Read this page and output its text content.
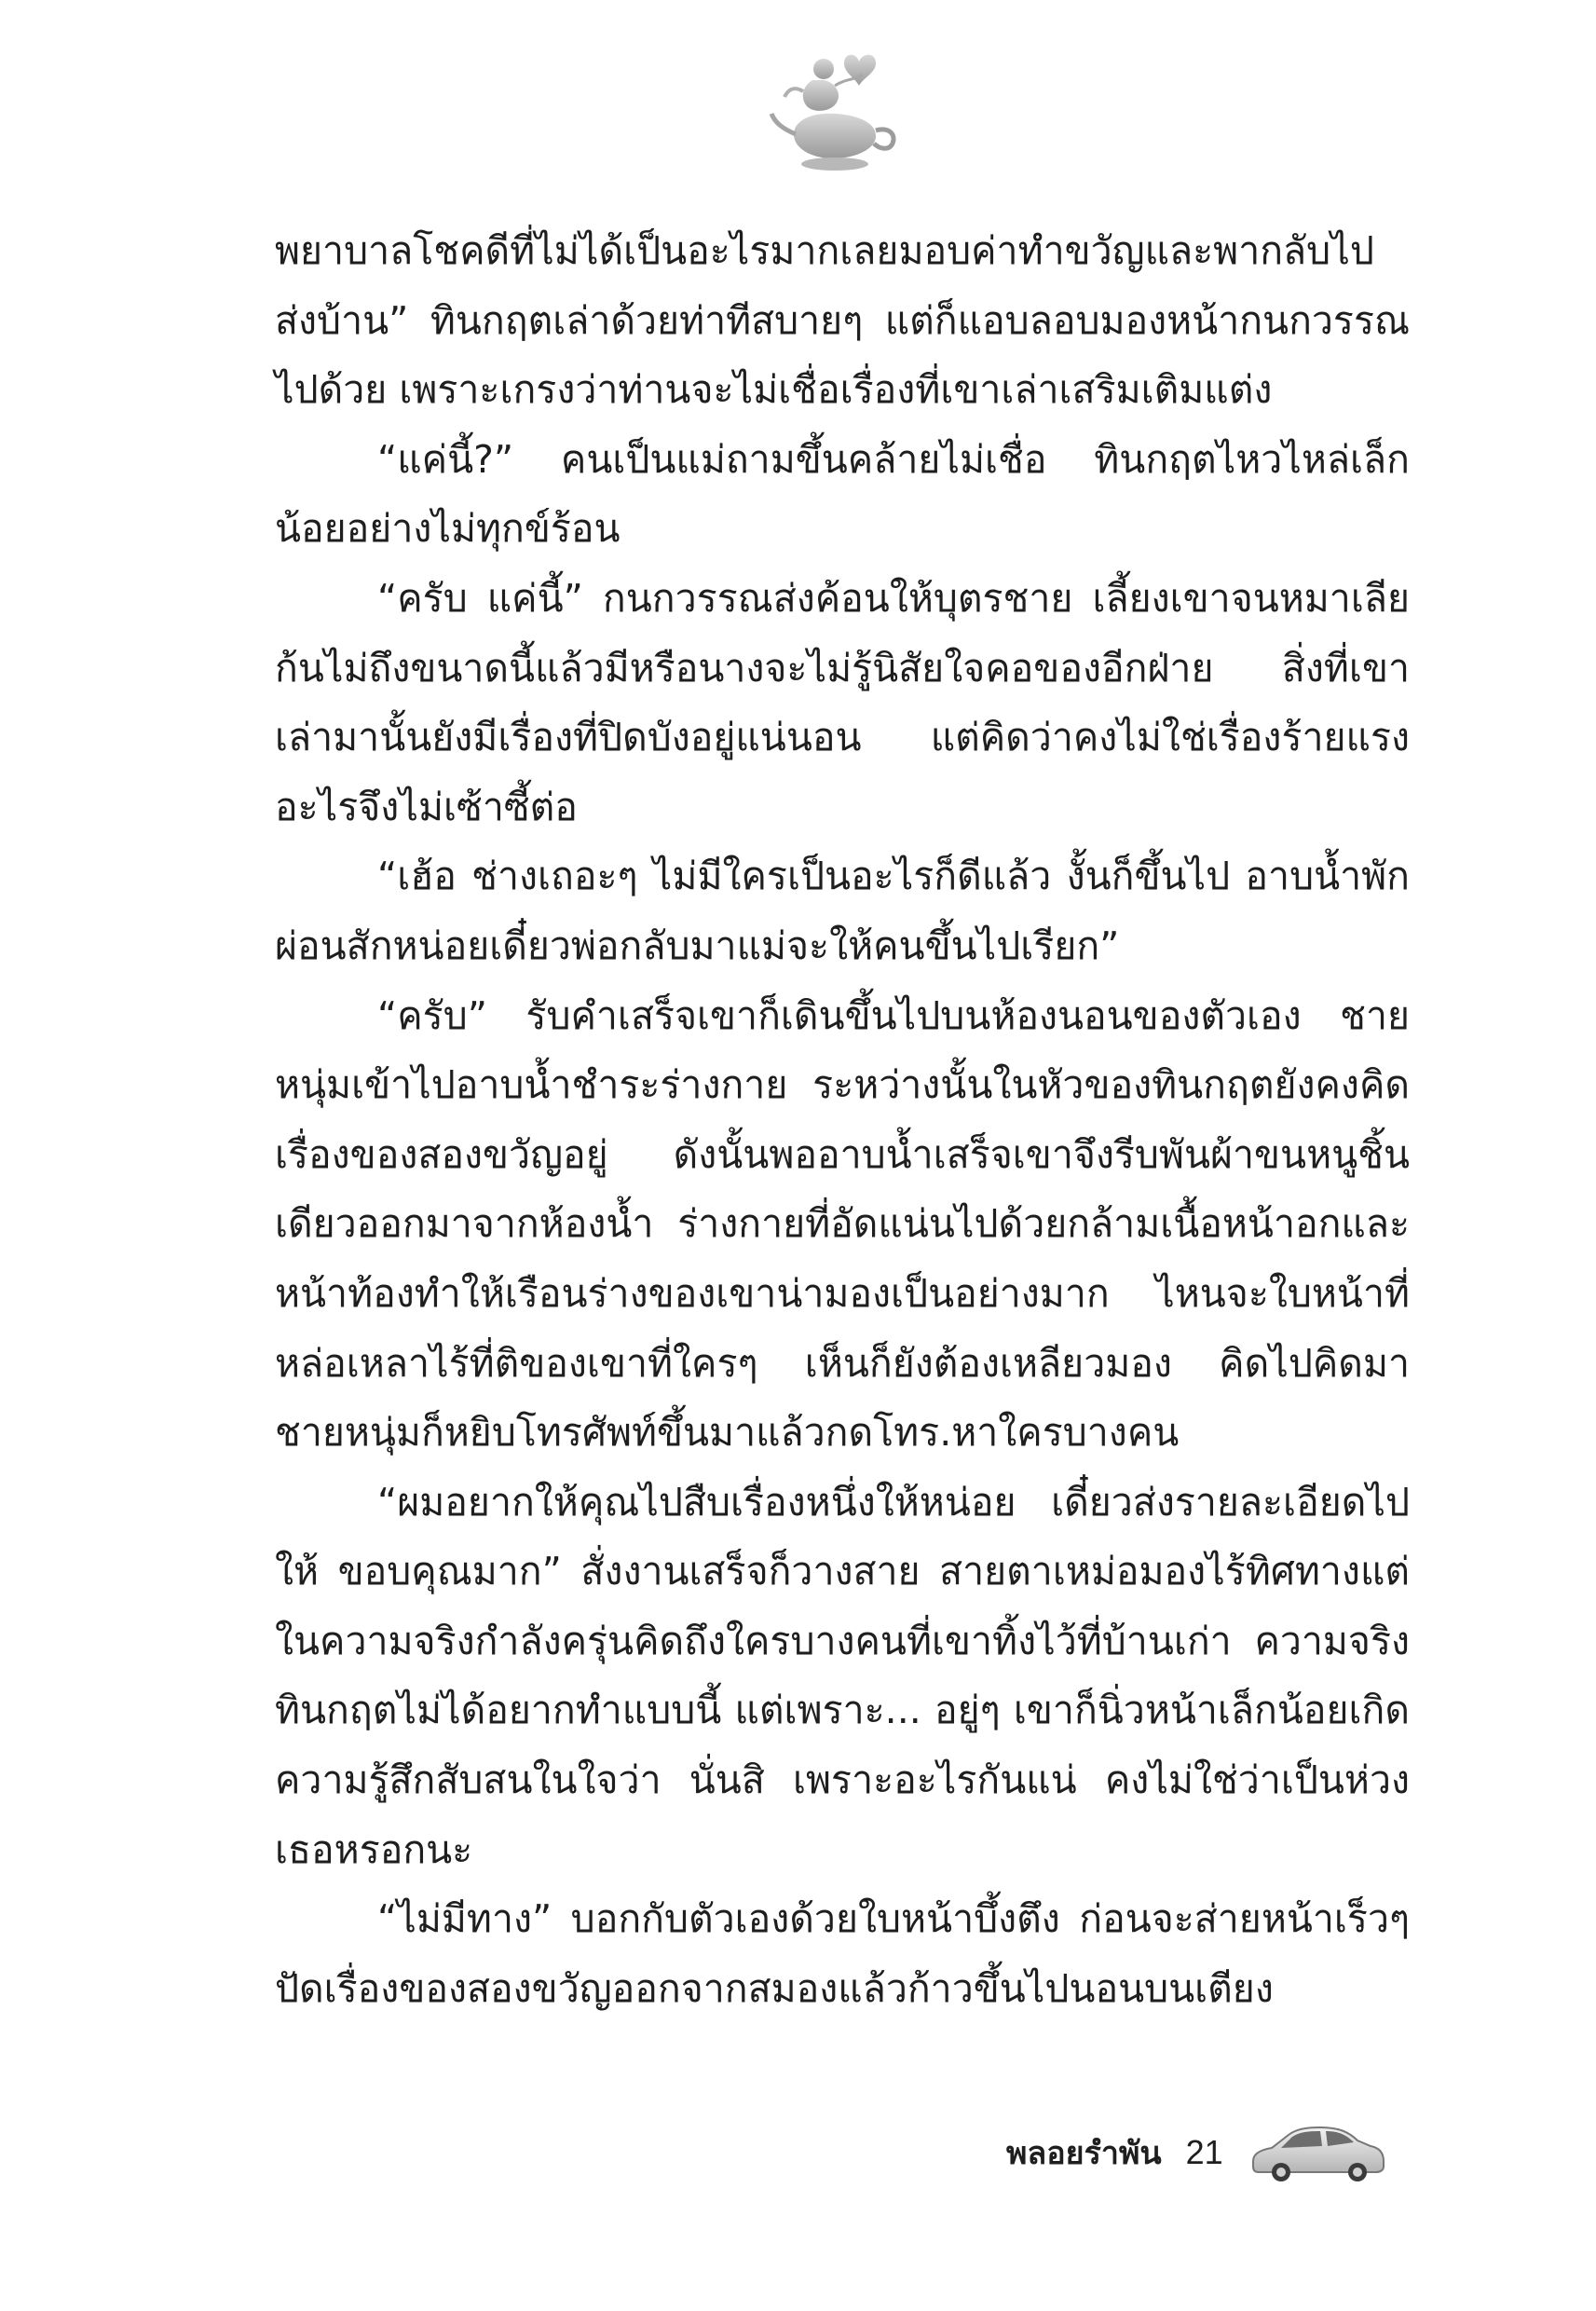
พยาบาลโชคดีที่ไม่ได้เป็นอะไรมากเลยมอบค่าทำขวัญและพากลับไปส่งบ้าน” ทินกฤตเล่าด้วยท่าทีสบายๆ แต่ก็แอบลอบมองหน้ากนกวรรณไปด้วย เพราะเกรงว่าท่านจะไม่เชื่อเรื่องที่เขาเล่าเสริมเติมแต่ง

“แค่นี้?” คนเป็นแม่ถามขึ้นคล้ายไม่เชื่อ ทินกฤตไหวไหล่เล็กน้อยอย่างไม่ทุกข์ร้อน

“ครับ แค่นี้” กนกวรรณส่งค้อนให้บุตรชาย เลี้ยงเขาจนหมาเลียก้นไม่ถึงขนาดนี้แล้วมีหรือนางจะไม่รู้นิสัยใจคอของอีกฝ่าย สิ่งที่เขาเล่ามานั้นยังมีเรื่องที่ปิดบังอยู่แน่นอน แต่คิดว่าคงไม่ใช่เรื่องร้ายแรงอะไรจึงไม่เซ้าซี้ต่อ

“เฮ้อ ช่างเถอะๆ ไม่มีใครเป็นอะไรก็ดีแล้ว งั้นก็ขึ้นไป อาบน้ำพักผ่อนสักหน่อยเดี๋ยวพ่อกลับมาแม่จะให้คนขึ้นไปเรียก”

“ครับ” รับคำเสร็จเขาก็เดินขึ้นไปบนห้องนอนของตัวเอง ชายหนุ่มเข้าไปอาบน้ำชำระร่างกาย ระหว่างนั้นในหัวของทินกฤตยังคงคิดเรื่องของสองขวัญอยู่ ดังนั้นพออาบน้ำเสร็จเขาจึงรีบพันผ้าขนหนูชิ้นเดียวออกมาจากห้องน้ำ ร่างกายที่อัดแน่นไปด้วยกล้ามเนื้อหน้าอกและหน้าท้องทำให้เรือนร่างของเขาน่ามองเป็นอย่างมาก ไหนจะใบหน้าที่หล่อเหลาไร้ที่ติของเขาที่ใครๆ เห็นก็ยังต้องเหลียวมอง คิดไปคิดมาชายหนุ่มก็หยิบโทรศัพท์ขึ้นมาแล้วกดโทร.หาใครบางคน

“ผมอยากให้คุณไปสืบเรื่องหนึ่งให้หน่อย เดี๋ยวส่งรายละเอียดไปให้ ขอบคุณมาก” สั่งงานเสร็จก็วางสาย สายตาเหม่อมองไร้ทิศทางแต่ในความจริงกำลังครุ่นคิดถึงใครบางคนที่เขาทิ้งไว้ที่บ้านเก่า ความจริงทินกฤตไม่ได้อยากทำแบบนี้ แต่เพราะ... อยู่ๆ เขาก็นิ่วหน้าเล็กน้อยเกิดความรู้สึกสับสนในใจว่า นั่นสิ เพราะอะไรกันแน่ คงไม่ใช่ว่าเป็นห่วงเธอหรอกนะ

“ไม่มีทาง” บอกกับตัวเองด้วยใบหน้าบึ้งตึง ก่อนจะส่ายหน้าเร็วๆ ปัดเรื่องของสองขวัญออกจากสมองแล้วก้าวขึ้นไปนอนบนเตียง

พลอยรำพัน 21
